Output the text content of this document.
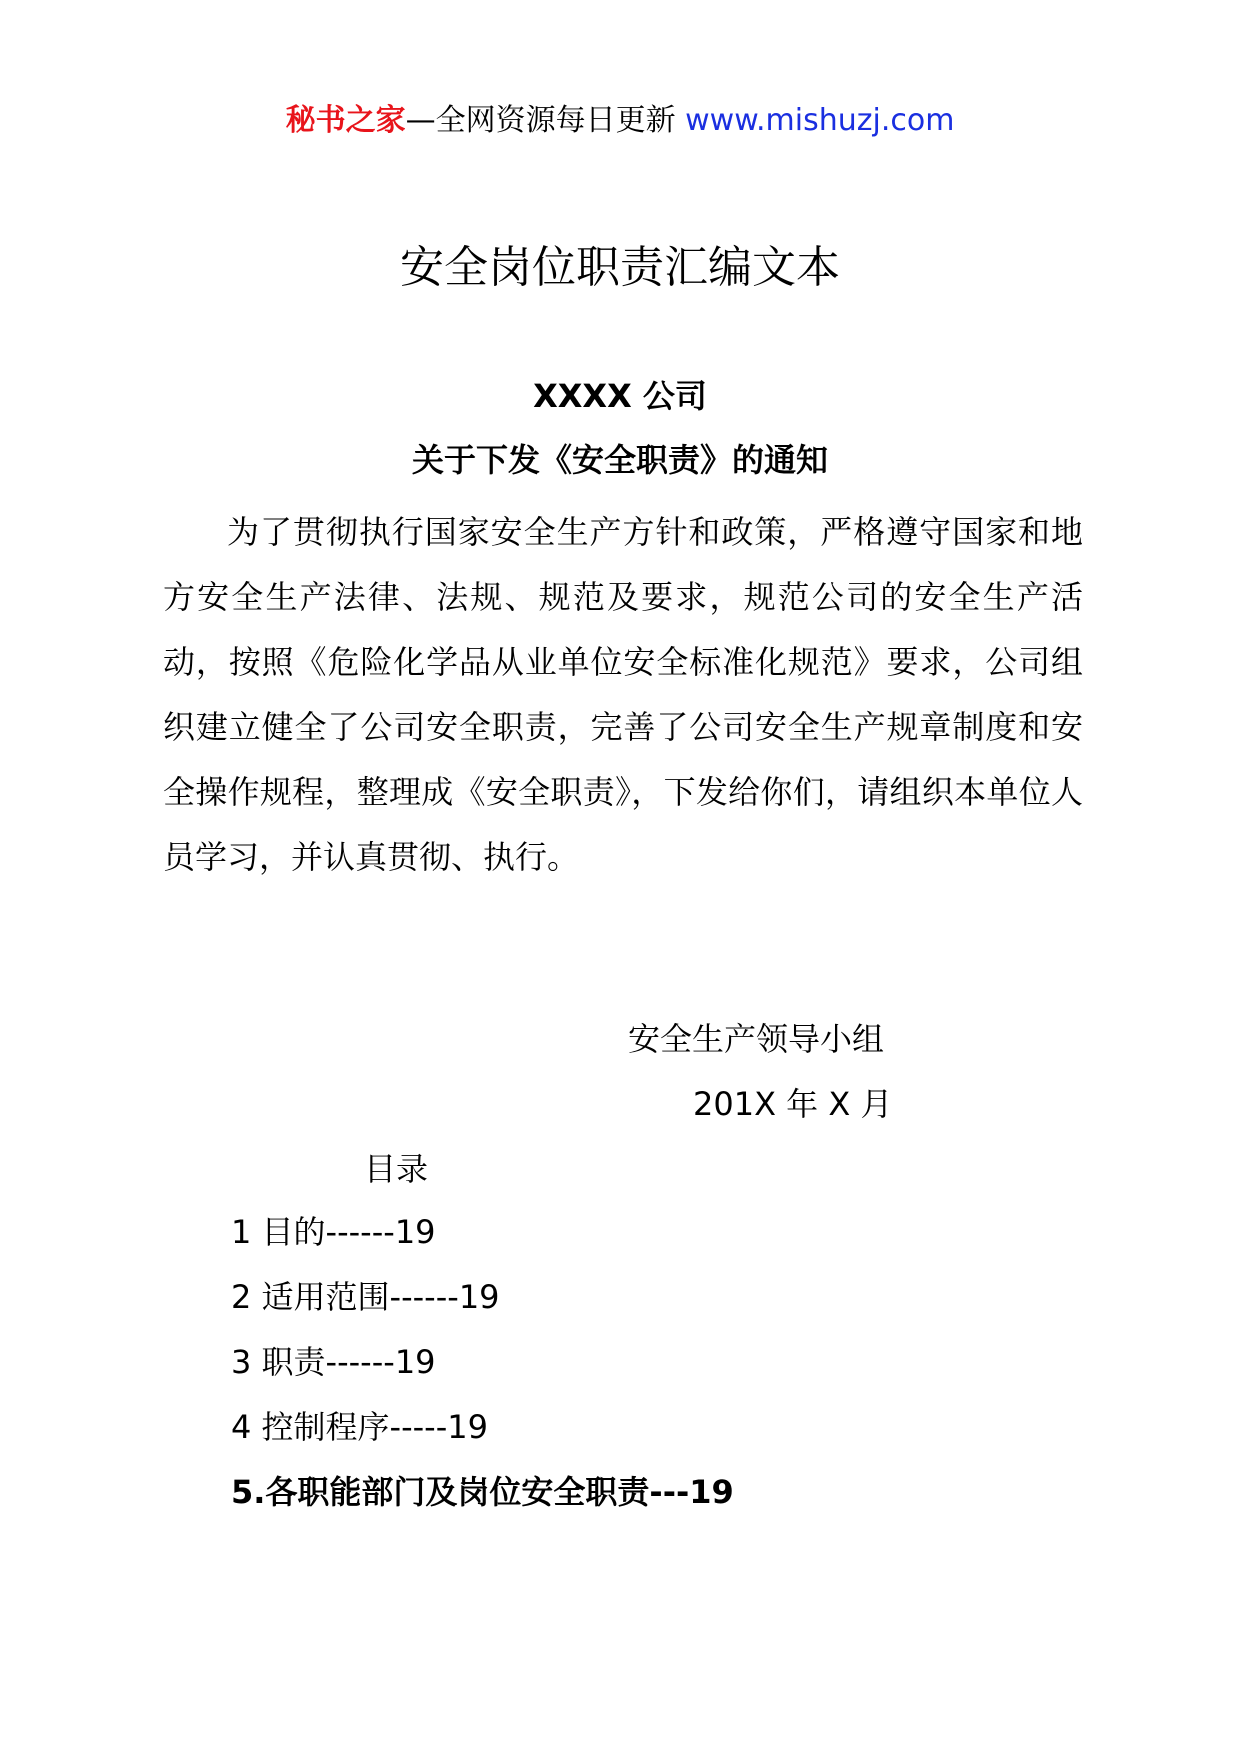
秘书之家—全网资源每日更新 www.mishuzj.com
安全岗位职责汇编文本
XXXX 公司
关于下发《安全职责》的通知

为了贯彻执行国家安全生产方针和政策，严格遵守国家和地方安全生产法律、法规、规范及要求，规范公司的安全生产活动，按照《危险化学品从业单位安全标准化规范》要求，公司组织建立健全了公司安全职责，完善了公司安全生产规章制度和安全操作规程，整理成《安全职责》，下发给你们，请组织本单位人员学习，并认真贯彻、执行。

安全生产领导小组
201X 年 X 月
目录
1 目的------19
2 适用范围------19
3 职责------19
4 控制程序-----19
5.各职能部门及岗位安全职责---19
